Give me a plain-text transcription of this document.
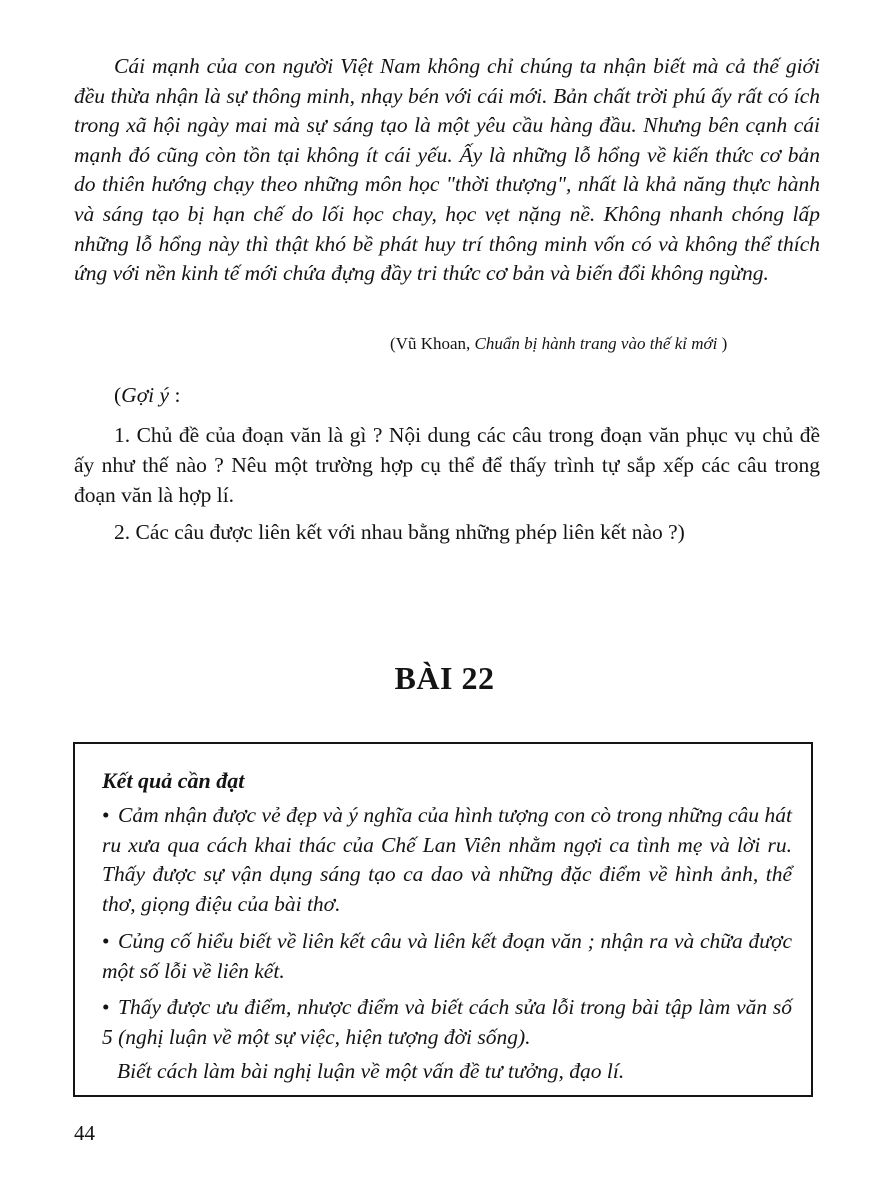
Cái mạnh của con người Việt Nam không chỉ chúng ta nhận biết mà cả thế giới đều thừa nhận là sự thông minh, nhạy bén với cái mới. Bản chất trời phú ấy rất có ích trong xã hội ngày mai mà sự sáng tạo là một yêu cầu hàng đầu. Nhưng bên cạnh cái mạnh đó cũng còn tồn tại không ít cái yếu. Ấy là những lỗ hổng về kiến thức cơ bản do thiên hướng chạy theo những môn học "thời thượng", nhất là khả năng thực hành và sáng tạo bị hạn chế do lối học chay, học vẹt nặng nề. Không nhanh chóng lấp những lỗ hổng này thì thật khó bề phát huy trí thông minh vốn có và không thể thích ứng với nền kinh tế mới chứa đựng đầy tri thức cơ bản và biến đổi không ngừng.

(Vũ Khoan, Chuẩn bị hành trang vào thế kỉ mới )

(Gợi ý :

1. Chủ đề của đoạn văn là gì ? Nội dung các câu trong đoạn văn phục vụ chủ đề ấy như thế nào ? Nêu một trường hợp cụ thể để thấy trình tự sắp xếp các câu trong đoạn văn là hợp lí.

2. Các câu được liên kết với nhau bằng những phép liên kết nào ?)

BÀI 22

Kết quả cần đạt

• Cảm nhận được vẻ đẹp và ý nghĩa của hình tượng con cò trong những câu hát ru xưa qua cách khai thác của Chế Lan Viên nhằm ngợi ca tình mẹ và lời ru. Thấy được sự vận dụng sáng tạo ca dao và những đặc điểm về hình ảnh, thể thơ, giọng điệu của bài thơ.

• Củng cố hiểu biết về liên kết câu và liên kết đoạn văn ; nhận ra và chữa được một số lỗi về liên kết.

• Thấy được ưu điểm, nhược điểm và biết cách sửa lỗi trong bài tập làm văn số 5 (nghị luận về một sự việc, hiện tượng đời sống).

Biết cách làm bài nghị luận về một vấn đề tư tưởng, đạo lí.

44
